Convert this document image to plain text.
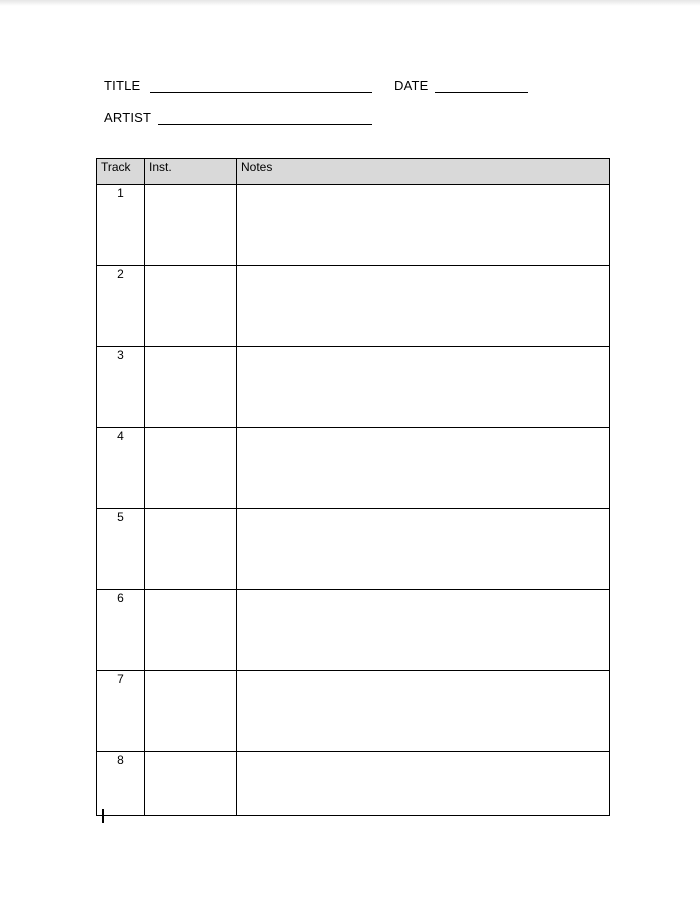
TITLE	DATE
ARTIST
Track	Inst.	Notes
1		
2		
3		
4		
5		
6		
7		
8		
